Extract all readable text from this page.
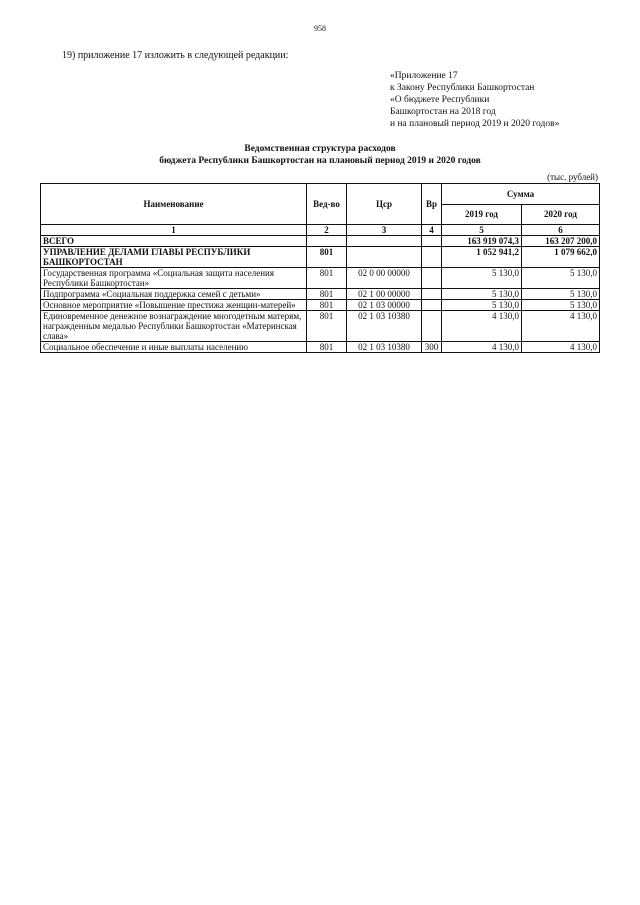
958
19) приложение 17 изложить в следующей редакции:
«Приложение 17
к Закону Республики Башкортостан
«О бюджете Республики
Башкортостан на 2018 год
и на плановый период 2019 и 2020 годов»
Ведомственная структура расходов
бюджета Республики Башкортостан на плановый период 2019 и 2020 годов
(тыс. рублей)
Наименование	Вед-во	Цср	Вр	Сумма	
				2019 год	2020 год
1	2	3	4	5	6
ВСЕГО				163 919 074,3	163 207 200,0
УПРАВЛЕНИЕ ДЕЛАМИ ГЛАВЫ РЕСПУБЛИКИ БАШКОРТОСТАН	801			1 052 941,2	1 079 662,0
Государственная программа «Социальная защита населения Республики Башкортостан»	801	02 0 00 00000		5 130,0	5 130,0
Подпрограмма «Социальная поддержка семей с детьми»	801	02 1 00 00000		5 130,0	5 130,0
Основное мероприятие «Повышение престижа женщин-матерей»	801	02 1 03 00000		5 130,0	5 130,0
Единовременное денежное вознаграждение многодетным матерям, награжденным медалью Республики Башкортостан «Материнская слава»	801	02 1 03 10380		4 130,0	4 130,0
Социальное обеспечение и иные выплаты населению	801	02 1 03 10380	300	4 130,0	4 130,0
